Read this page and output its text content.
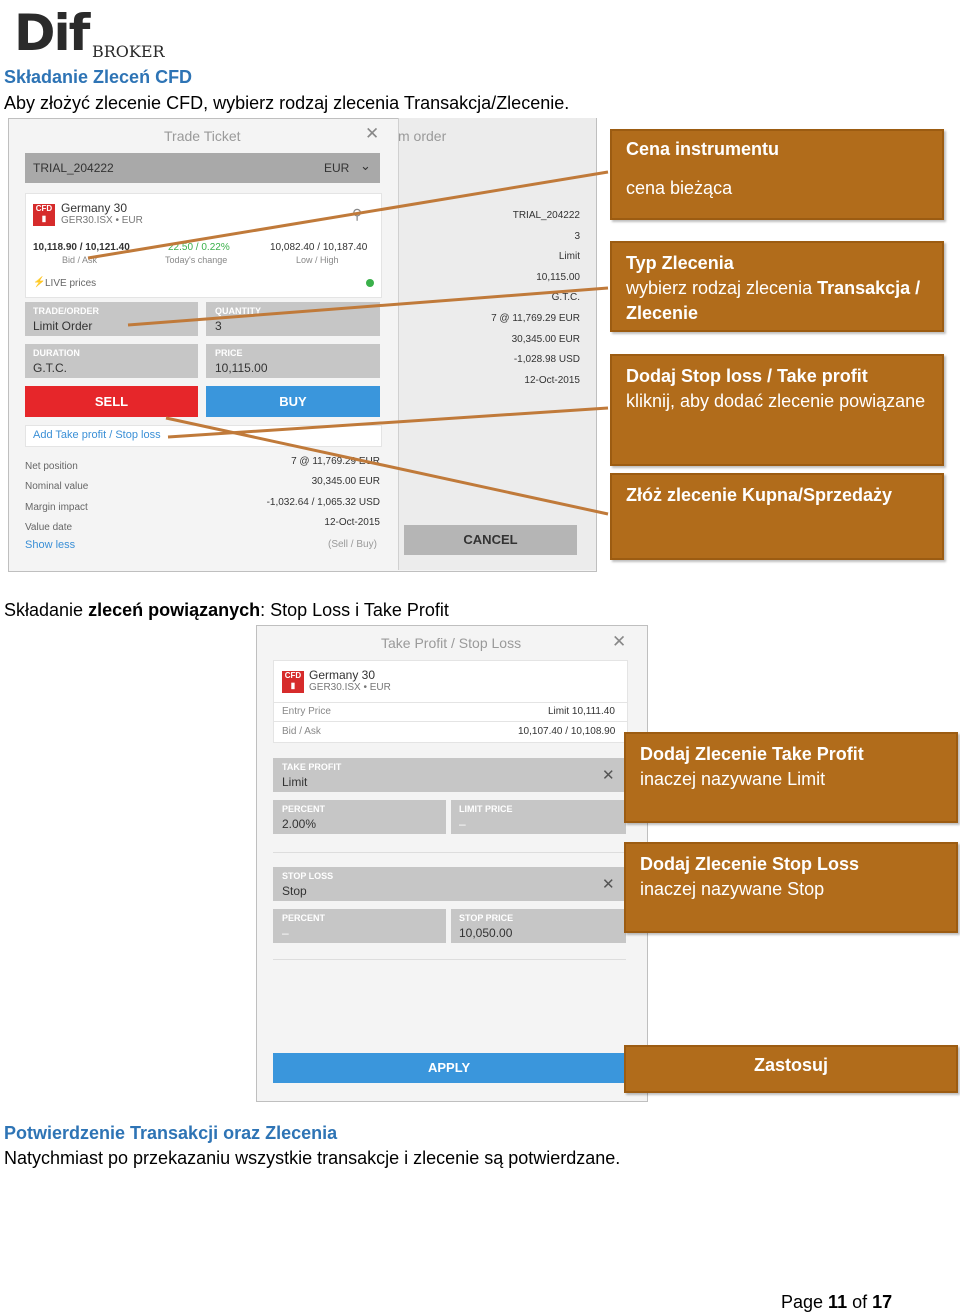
Dif BROKER
Składanie Zleceń CFD
Aby złożyć zlecenie CFD, wybierz rodzaj zlecenia Transakcja/Zlecenie.
m order
TRIAL_204222
3
Limit
10,115.00
G.T.C.
7 @ 11,769.29 EUR
30,345.00 EUR
-1,028.98 USD
12-Oct-2015
Trade Ticket	✕
TRIAL_204222	EUR ⌄
CFD
▮
Germany 30
GER30.ISX • EUR	⚲
10,118.90 / 10,121.40
Bid / Ask
22.50 / 0.22%
Today's change
10,082.40 / 10,187.40
Low / High
⚡ LIVE prices
TRADE/ORDER
Limit Order
QUANTITY
3
DURATION
G.T.C.
PRICE
10,115.00
SELL	BUY
Add Take profit / Stop loss
Net position	7 @ 11,769.29 EUR
Nominal value	30,345.00 EUR
Margin impact	-1,032.64 / 1,065.32 USD
Value date	12-Oct-2015
Show less	(Sell / Buy)	CANCEL
Cena instrumentu
cena bieżąca
Typ Zlecenia
wybierz rodzaj zlecenia Transakcja / Zlecenie
Dodaj Stop loss / Take profit
kliknij, aby dodać zlecenie powiązane
Złóż zlecenie Kupna/Sprzedaży
Składanie zleceń powiązanych: Stop Loss i Take Profit
Take Profit / Stop Loss	✕
CFD
▮
Germany 30
GER30.ISX • EUR
Entry Price	Limit 10,111.40
Bid / Ask	10,107.40 / 10,108.90
TAKE PROFIT
Limit	✕
PERCENT
2.00%
LIMIT PRICE
–
STOP LOSS
Stop	✕
PERCENT
–
STOP PRICE
10,050.00
APPLY
Dodaj Zlecenie Take Profit
inaczej nazywane Limit
Dodaj Zlecenie Stop Loss
inaczej nazywane Stop
Zastosuj
Potwierdzenie Transakcji oraz Zlecenia
Natychmiast po przekazaniu wszystkie transakcje i zlecenie są potwierdzane.
Page 11 of 17
